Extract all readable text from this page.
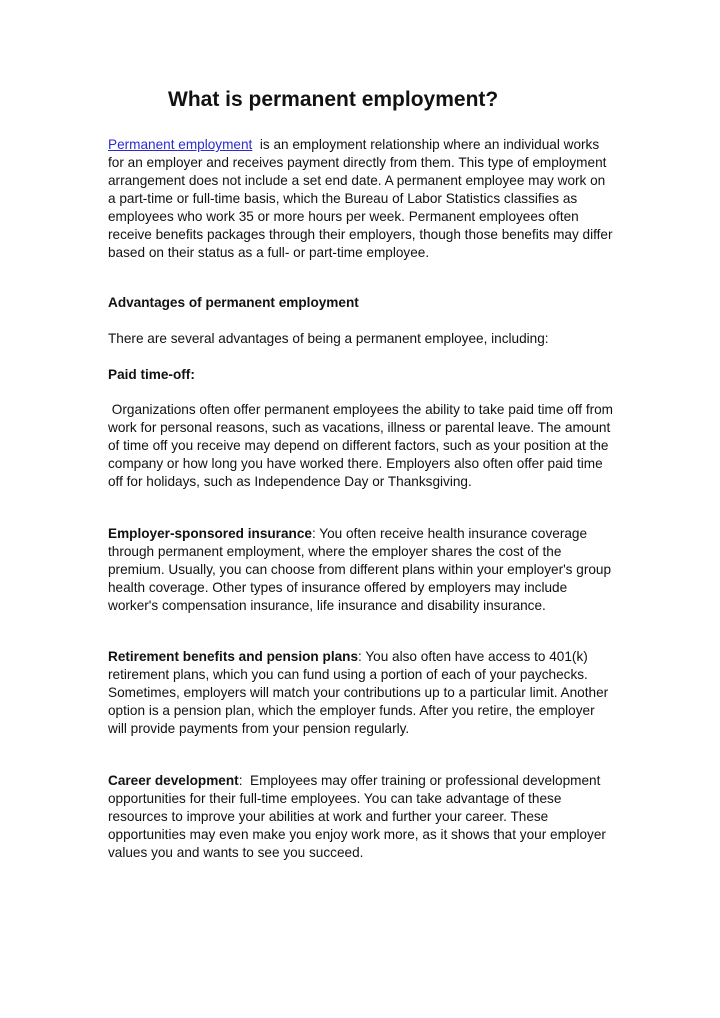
What is permanent employment?

Permanent employment  is an employment relationship where an individual works for an employer and receives payment directly from them. This type of employment arrangement does not include a set end date. A permanent employee may work on a part-time or full-time basis, which the Bureau of Labor Statistics classifies as employees who work 35 or more hours per week. Permanent employees often receive benefits packages through their employers, though those benefits may differ based on their status as a full- or part-time employee.

Advantages of permanent employment

There are several advantages of being a permanent employee, including:

Paid time-off:

Organizations often offer permanent employees the ability to take paid time off from work for personal reasons, such as vacations, illness or parental leave. The amount of time off you receive may depend on different factors, such as your position at the company or how long you have worked there. Employers also often offer paid time off for holidays, such as Independence Day or Thanksgiving.

Employer-sponsored insurance: You often receive health insurance coverage through permanent employment, where the employer shares the cost of the premium. Usually, you can choose from different plans within your employer's group health coverage. Other types of insurance offered by employers may include worker's compensation insurance, life insurance and disability insurance.

Retirement benefits and pension plans: You also often have access to 401(k) retirement plans, which you can fund using a portion of each of your paychecks. Sometimes, employers will match your contributions up to a particular limit. Another option is a pension plan, which the employer funds. After you retire, the employer will provide payments from your pension regularly.

Career development:  Employees may offer training or professional development opportunities for their full-time employees. You can take advantage of these resources to improve your abilities at work and further your career. These opportunities may even make you enjoy work more, as it shows that your employer values you and wants to see you succeed.
